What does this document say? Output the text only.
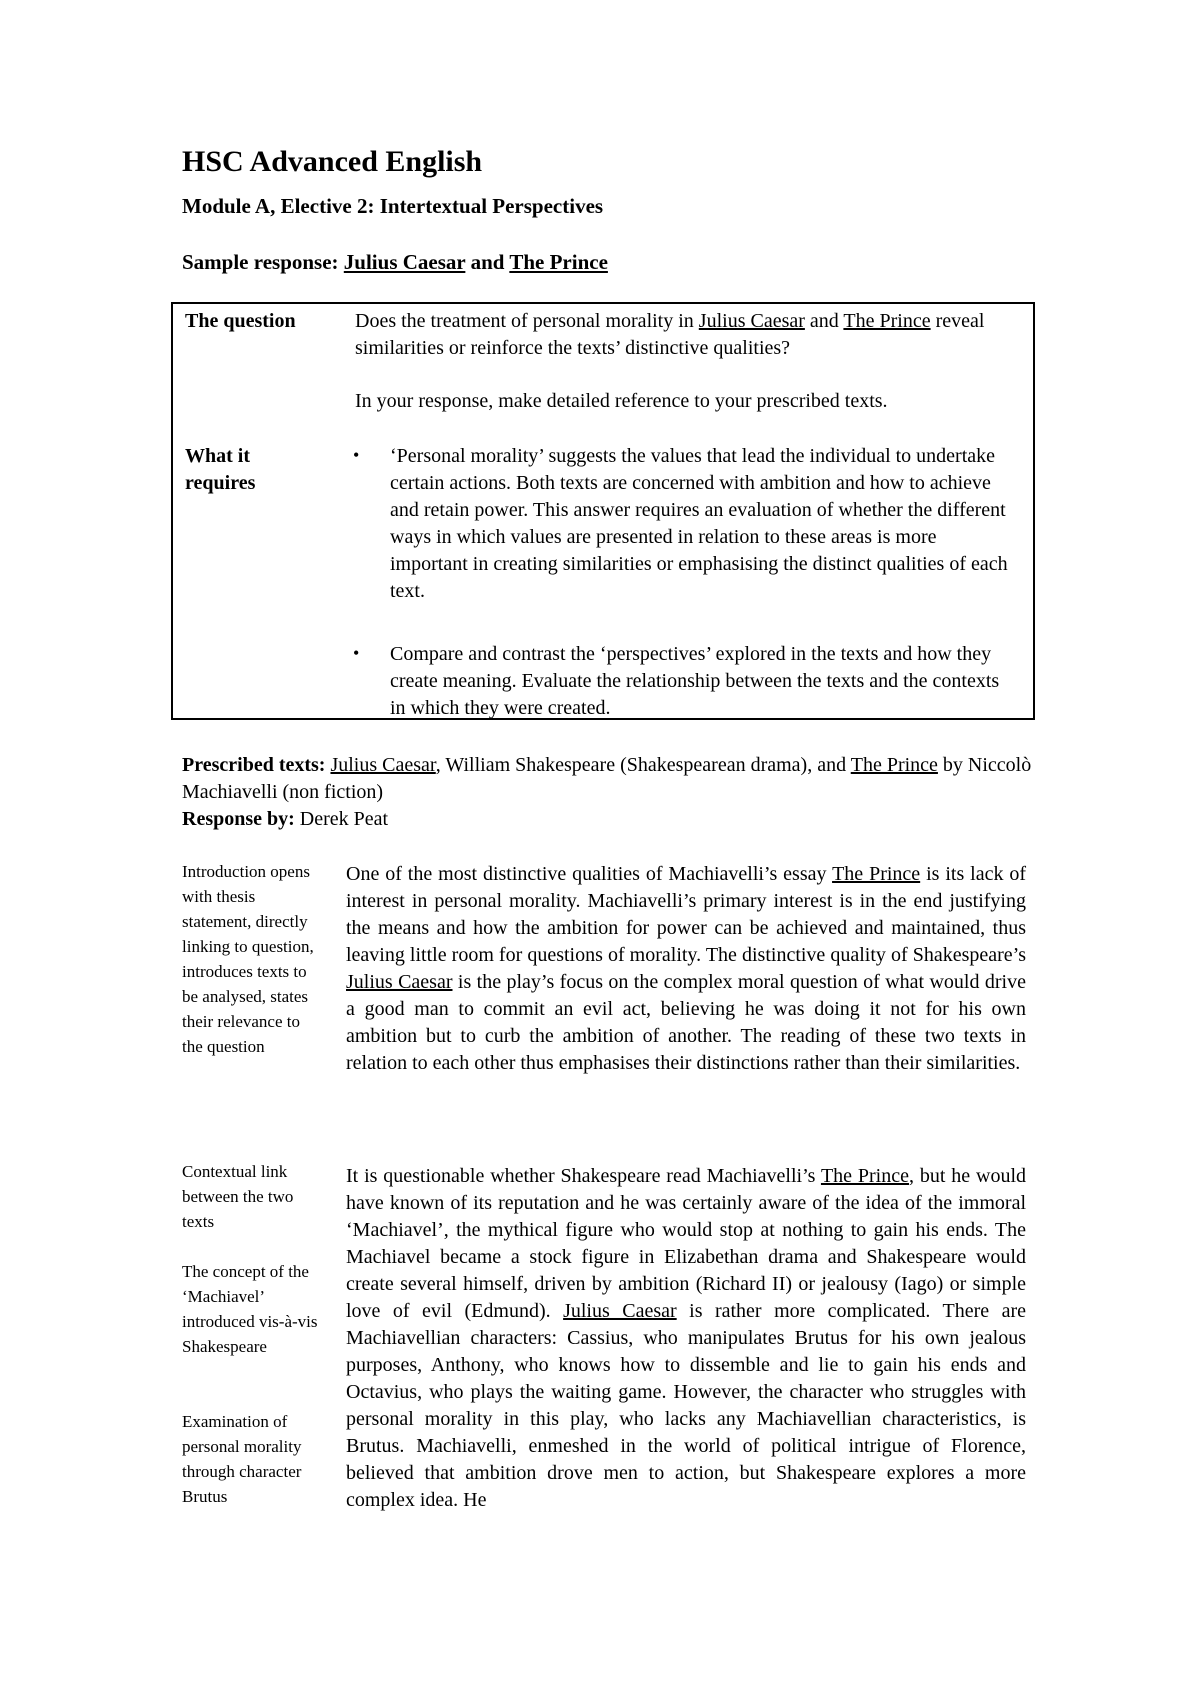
HSC Advanced English
Module A, Elective 2: Intertextual Perspectives
Sample response: Julius Caesar and The Prince
The question	Does the treatment of personal morality in Julius Caesar and The Prince reveal similarities or reinforce the texts’ distinctive qualities?
In your response, make detailed reference to your prescribed texts.
What it requires
• ‘Personal morality’ suggests the values that lead the individual to undertake certain actions. Both texts are concerned with ambition and how to achieve and retain power. This answer requires an evaluation of whether the different ways in which values are presented in relation to these areas is more important in creating similarities or emphasising the distinct qualities of each text.
• Compare and contrast the ‘perspectives’ explored in the texts and how they create meaning. Evaluate the relationship between the texts and the contexts in which they were created.
Prescribed texts: Julius Caesar, William Shakespeare (Shakespearean drama), and The Prince by Niccolò Machiavelli (non fiction)
Response by: Derek Peat
Introduction opens with thesis statement, directly linking to question, introduces texts to be analysed, states their relevance to the question
One of the most distinctive qualities of Machiavelli’s essay The Prince is its lack of interest in personal morality. Machiavelli’s primary interest is in the end justifying the means and how the ambition for power can be achieved and maintained, thus leaving little room for questions of morality. The distinctive quality of Shakespeare’s Julius Caesar is the play’s focus on the complex moral question of what would drive a good man to commit an evil act, believing he was doing it not for his own ambition but to curb the ambition of another. The reading of these two texts in relation to each other thus emphasises their distinctions rather than their similarities.
Contextual link between the two texts
The concept of the ‘Machiavel’ introduced vis-à-vis Shakespeare
Examination of personal morality through character Brutus
It is questionable whether Shakespeare read Machiavelli’s The Prince, but he would have known of its reputation and he was certainly aware of the idea of the immoral ‘Machiavel’, the mythical figure who would stop at nothing to gain his ends. The Machiavel became a stock figure in Elizabethan drama and Shakespeare would create several himself, driven by ambition (Richard II) or jealousy (Iago) or simple love of evil (Edmund). Julius Caesar is rather more complicated. There are Machiavellian characters: Cassius, who manipulates Brutus for his own jealous purposes, Anthony, who knows how to dissemble and lie to gain his ends and Octavius, who plays the waiting game. However, the character who struggles with personal morality in this play, who lacks any Machiavellian characteristics, is Brutus. Machiavelli, enmeshed in the world of political intrigue of Florence, believed that ambition drove men to action, but Shakespeare explores a more complex idea. He
